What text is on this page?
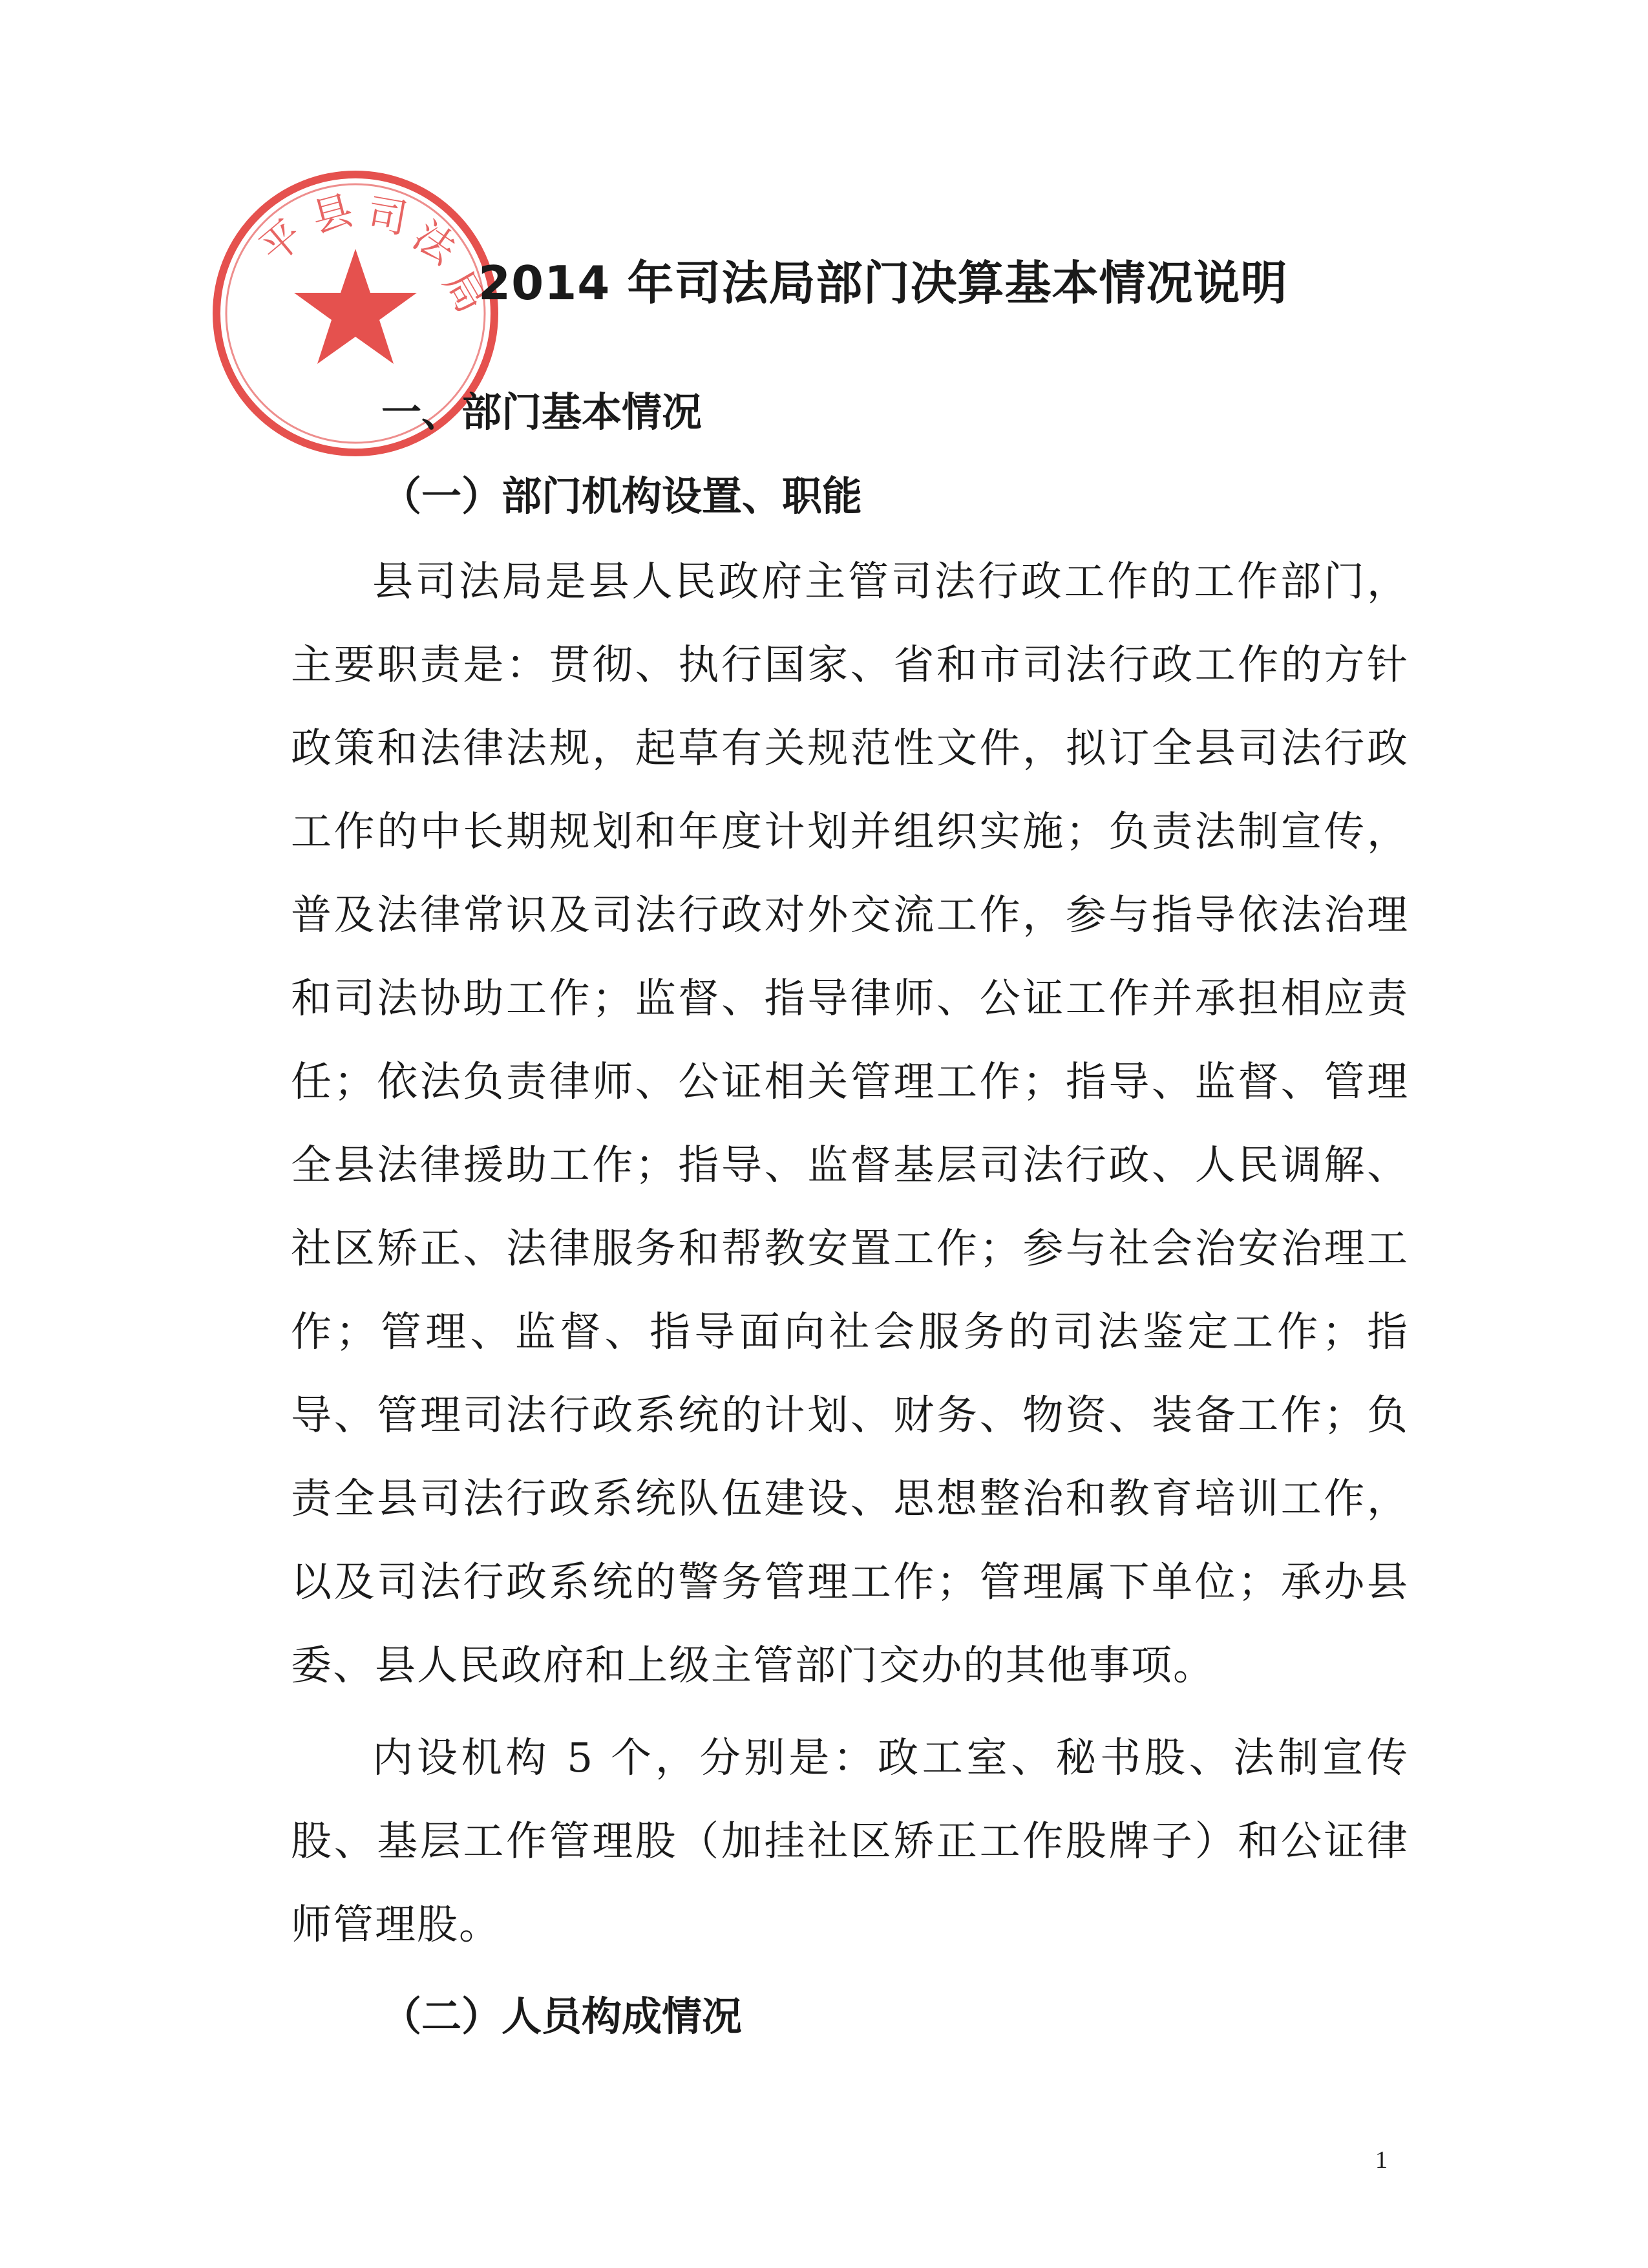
平
县 司
法
局
2014 年司法局部门决算基本情况说明
一、部门基本情况
（一）部门机构设置、职能
县司法局是县人民政府主管司法行政工作的工作部门，主要职责是：贯彻、执行国家、省和市司法行政工作的方针政策和法律法规，起草有关规范性文件，拟订全县司法行政工作的中长期规划和年度计划并组织实施；负责法制宣传，普及法律常识及司法行政对外交流工作，参与指导依法治理和司法协助工作；监督、指导律师、公证工作并承担相应责任；依法负责律师、公证相关管理工作；指导、监督、管理全县法律援助工作；指导、监督基层司法行政、人民调解、社区矫正、法律服务和帮教安置工作；参与社会治安治理工作；管理、监督、指导面向社会服务的司法鉴定工作；指导、管理司法行政系统的计划、财务、物资、装备工作；负责全县司法行政系统队伍建设、思想整治和教育培训工作，以及司法行政系统的警务管理工作；管理属下单位；承办县委、县人民政府和上级主管部门交办的其他事项。
内设机构 5 个，分别是：政工室、秘书股、法制宣传股、基层工作管理股（加挂社区矫正工作股牌子）和公证律师管理股。
（二）人员构成情况
1
